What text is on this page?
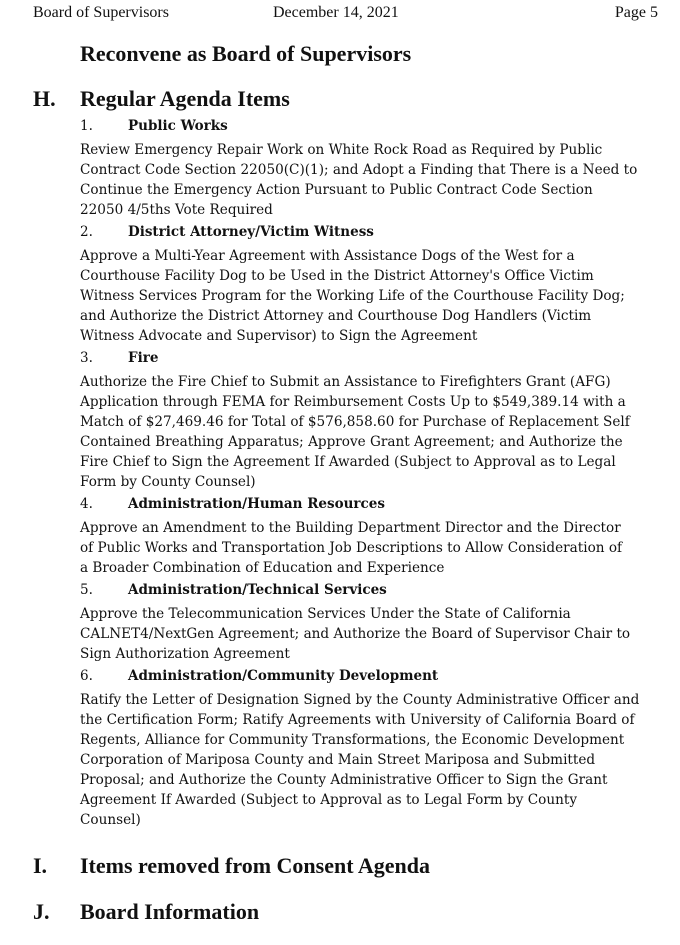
Board of Supervisors	December 14, 2021	Page 5
Reconvene as Board of Supervisors
H. Regular Agenda Items
1.	Public Works
Review Emergency Repair Work on White Rock Road as Required by Public
Contract Code Section 22050(C)(1); and Adopt a Finding that There is a Need to
Continue the Emergency Action Pursuant to Public Contract Code Section
22050 4/5ths Vote Required
2.	District Attorney/Victim Witness
Approve a Multi-Year Agreement with Assistance Dogs of the West for a
Courthouse Facility Dog to be Used in the District Attorney's Office Victim
Witness Services Program for the Working Life of the Courthouse Facility Dog;
and Authorize the District Attorney and Courthouse Dog Handlers (Victim
Witness Advocate and Supervisor) to Sign the Agreement
3.	Fire
Authorize the Fire Chief to Submit an Assistance to Firefighters Grant (AFG)
Application through FEMA for Reimbursement Costs Up to $549,389.14 with a
Match of $27,469.46 for Total of $576,858.60 for Purchase of Replacement Self
Contained Breathing Apparatus; Approve Grant Agreement; and Authorize the
Fire Chief to Sign the Agreement If Awarded (Subject to Approval as to Legal
Form by County Counsel)
4.	Administration/Human Resources
Approve an Amendment to the Building Department Director and the Director
of Public Works and Transportation Job Descriptions to Allow Consideration of
a Broader Combination of Education and Experience
5.	Administration/Technical Services
Approve the Telecommunication Services Under the State of California
CALNET4/NextGen Agreement; and Authorize the Board of Supervisor Chair to
Sign Authorization Agreement
6.	Administration/Community Development
Ratify the Letter of Designation Signed by the County Administrative Officer and
the Certification Form; Ratify Agreements with University of California Board of
Regents, Alliance for Community Transformations, the Economic Development
Corporation of Mariposa County and Main Street Mariposa and Submitted
Proposal; and Authorize the County Administrative Officer to Sign the Grant
Agreement If Awarded (Subject to Approval as to Legal Form by County
Counsel)
I. Items removed from Consent Agenda
J. Board Information
